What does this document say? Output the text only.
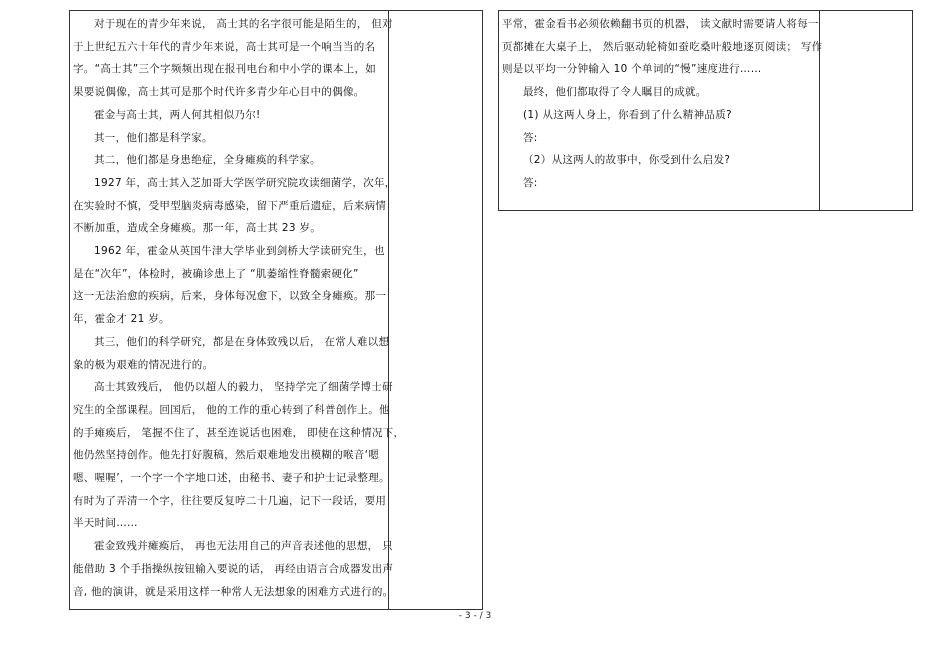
对于现在的青少年来说， 高士其的名字很可能是陌生的， 但对
于上世纪五六十年代的青少年来说，高士其可是一个响当当的名
字。“高士其”三个字频频出现在报刊电台和中小学的课本上，如
果要说偶像，高士其可是那个时代许多青少年心目中的偶像。
霍金与高士其，两人何其相似乃尔!
其一，他们都是科学家。
其二，他们都是身患绝症，全身瘫痪的科学家。
1927 年，高士其入芝加哥大学医学研究院攻读细菌学，次年，
在实验时不慎，受甲型脑炎病毒感染，留下严重后遗症，后来病情
不断加重，造成全身瘫痪。那一年，高士其 23 岁。
1962 年，霍金从英国牛津大学毕业到剑桥大学读研究生，也
是在“次年”，体检时，被确诊患上了 “肌萎缩性脊髓索硬化”
这一无法治愈的疾病，后来，身体每况愈下，以致全身瘫痪。那一
年，霍金才 21 岁。
其三，他们的科学研究，都是在身体致残以后， 在常人难以想
象的极为艰难的情况进行的。
高士其致残后， 他仍以超人的毅力， 坚持学完了细菌学博士研
究生的全部课程。回国后， 他的工作的重心转到了科普创作上。他
的手瘫痪后， 笔握不住了，甚至连说话也困难， 即使在这种情况下，
他仍然坚持创作。他先打好腹稿，然后艰难地发出模糊的喉音‘嗯
嗯、喔喔’，一个字一个字地口述，由秘书、妻子和护士记录整理。
有时为了弄清一个字，往往要反复哼二十几遍，记下一段话，要用
半天时间……
霍金致残并瘫痪后， 再也无法用自己的声音表述他的思想， 只
能借助 3 个手指操纵按钮输入要说的话， 再经由语言合成器发出声
音, 他的演讲，就是采用这样一种常人无法想象的困难方式进行的。
平常，霍金看书必须依赖翻书页的机器， 读文献时需要请人将每一
页都摊在大桌子上， 然后驱动轮椅如蚕吃桑叶般地逐页阅读； 写作
则是以平均一分钟输入 10 个单词的“慢”速度进行……
最终，他们都取得了令人瞩目的成就。
(1) 从这两人身上，你看到了什么精神品质?
答:
（2）从这两人的故事中，你受到什么启发?
答:
- 3 - / 3
